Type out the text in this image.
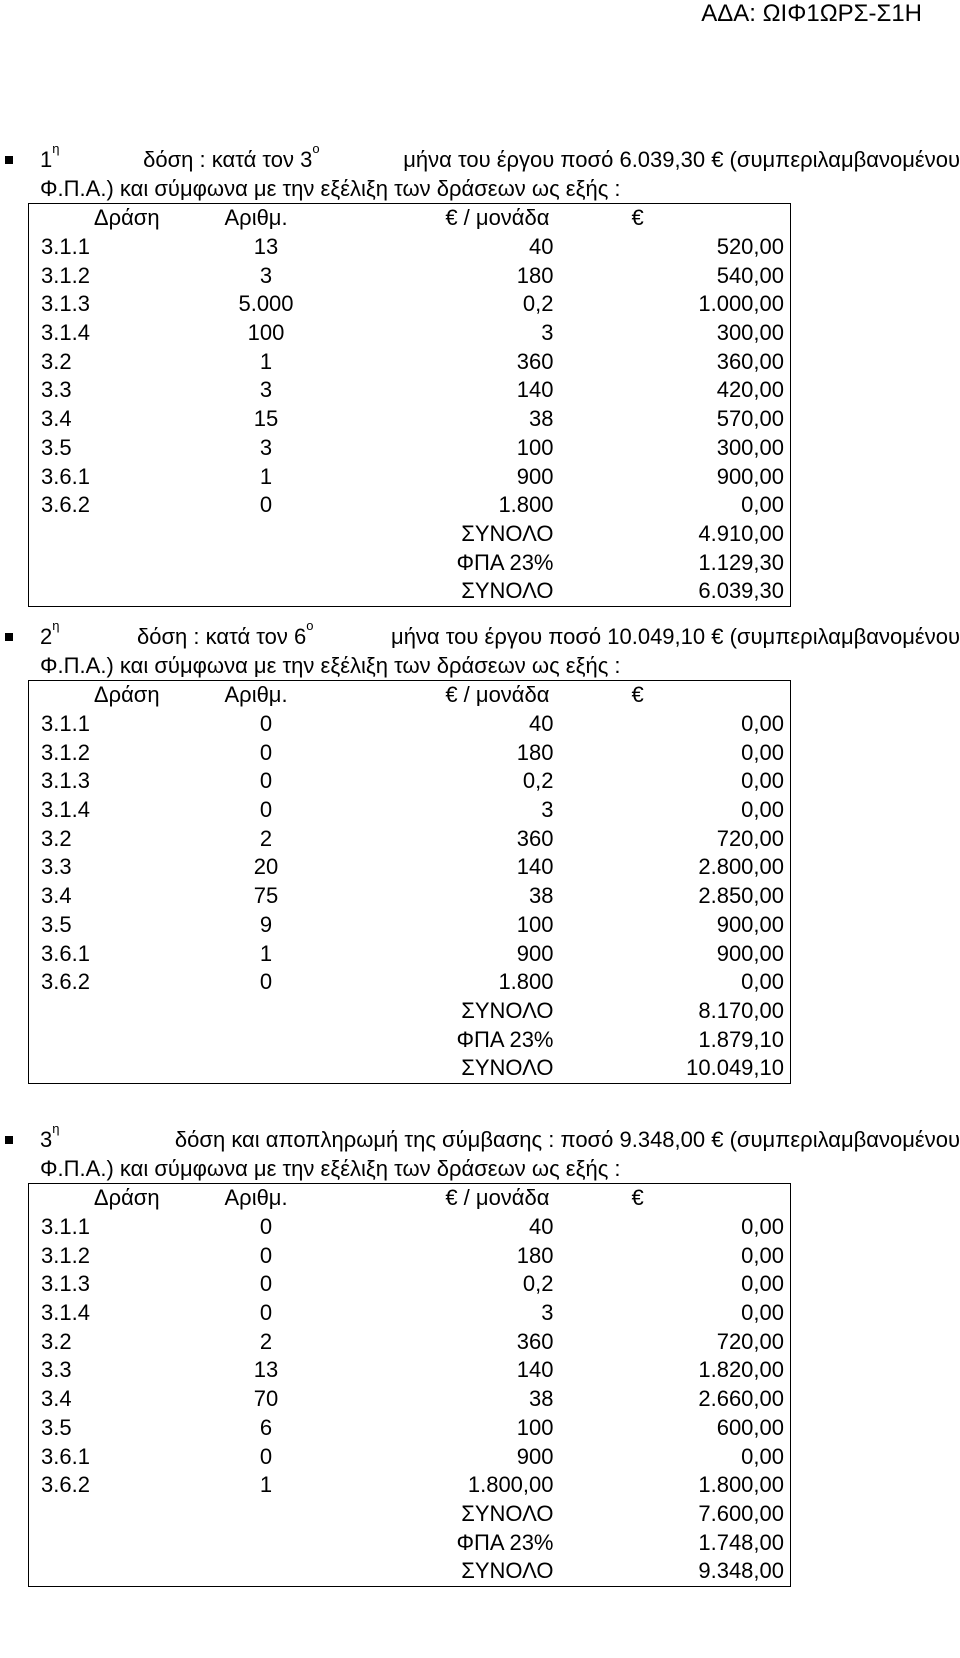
ΑΔΑ: ΩΙΦ1ΩΡΣ-Σ1Η
$1^\eta$	δόση : κατά τον $3^o$	μήνα του έργου ποσό 6.039,30 € (συμπεριλαμβανομένου
Φ.Π.Α.) και σύμφωνα με την εξέλιξη των δράσεων ως εξής :
Δράση	Αριθμ.	€ / μονάδα	€
3.1.1	13	40	520,00
3.1.2	3	180	540,00
3.1.3	5.000	0,2	1.000,00
3.1.4	100	3	300,00
3.2	1	360	360,00
3.3	3	140	420,00
3.4	15	38	570,00
3.5	3	100	300,00
3.6.1	1	900	900,00
3.6.2	0	1.800	0,00
		ΣΥΝΟΛΟ	4.910,00
		ΦΠΑ 23%	1.129,30
		ΣΥΝΟΛΟ	6.039,30
$2^\eta$	δόση : κατά τον $6^o$	μήνα του έργου ποσό 10.049,10 € (συμπεριλαμβανομένου
Φ.Π.Α.) και σύμφωνα με την εξέλιξη των δράσεων ως εξής :
Δράση	Αριθμ.	€ / μονάδα	€
3.1.1	0	40	0,00
3.1.2	0	180	0,00
3.1.3	0	0,2	0,00
3.1.4	0	3	0,00
3.2	2	360	720,00
3.3	20	140	2.800,00
3.4	75	38	2.850,00
3.5	9	100	900,00
3.6.1	1	900	900,00
3.6.2	0	1.800	0,00
		ΣΥΝΟΛΟ	8.170,00
		ΦΠΑ 23%	1.879,10
		ΣΥΝΟΛΟ	10.049,10
$3^\eta$	δόση και αποπληρωμή της σύμβασης : ποσό 9.348,00 € (συμπεριλαμβανομένου
Φ.Π.Α.) και σύμφωνα με την εξέλιξη των δράσεων ως εξής :
Δράση	Αριθμ.	€ / μονάδα	€
3.1.1	0	40	0,00
3.1.2	0	180	0,00
3.1.3	0	0,2	0,00
3.1.4	0	3	0,00
3.2	2	360	720,00
3.3	13	140	1.820,00
3.4	70	38	2.660,00
3.5	6	100	600,00
3.6.1	0	900	0,00
3.6.2	1	1.800,00	1.800,00
		ΣΥΝΟΛΟ	7.600,00
		ΦΠΑ 23%	1.748,00
		ΣΥΝΟΛΟ	9.348,00
